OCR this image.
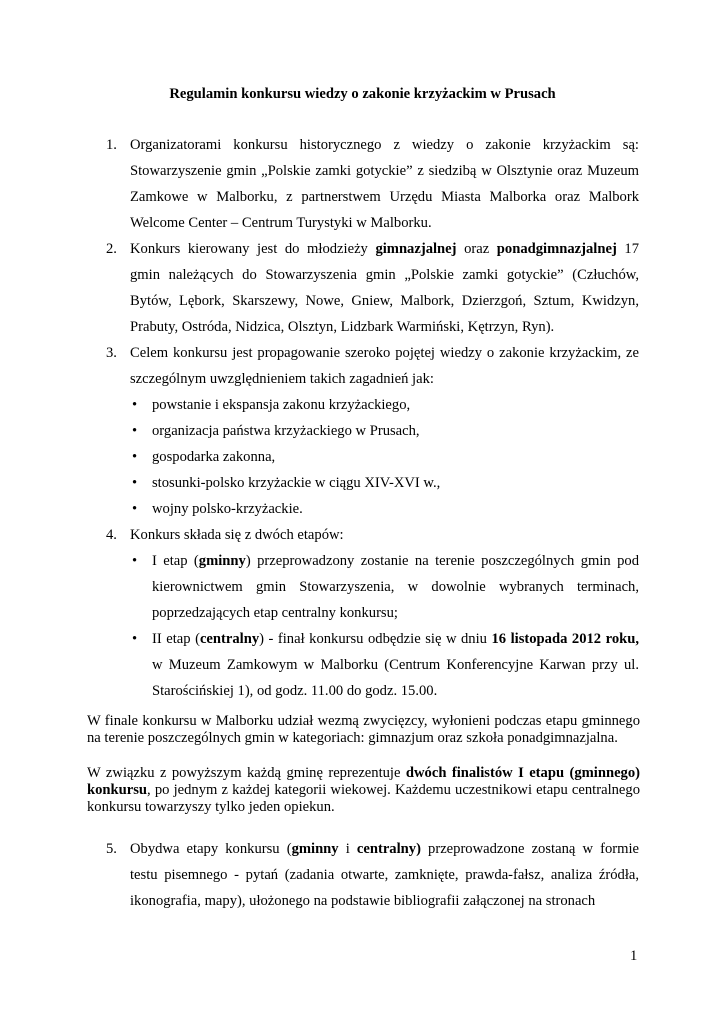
Regulamin konkursu wiedzy o zakonie krzyżackim w Prusach
1. Organizatorami konkursu historycznego z wiedzy o zakonie krzyżackim są: Stowarzyszenie gmin „Polskie zamki gotyckie” z siedzibą w Olsztynie oraz Muzeum Zamkowe w Malborku, z partnerstwem Urzędu Miasta Malborka oraz Malbork Welcome Center – Centrum Turystyki w Malborku.
2. Konkurs kierowany jest do młodzieży gimnazjalnej oraz ponadgimnazjalnej 17 gmin należących do Stowarzyszenia gmin „Polskie zamki gotyckie” (Człuchów, Bytów, Lębork, Skarszewy, Nowe, Gniew, Malbork, Dzierzgoń, Sztum, Kwidzyn, Prabuty, Ostróda, Nidzica, Olsztyn, Lidzbark Warmiński, Kętrzyn, Ryn).
3. Celem konkursu jest propagowanie szeroko pojętej wiedzy o zakonie krzyżackim, ze szczególnym uwzględnieniem takich zagadnień jak:
• powstanie i ekspansja zakonu krzyżackiego,
• organizacja państwa krzyżackiego w Prusach,
• gospodarka zakonna,
• stosunki-polsko krzyżackie w ciągu XIV-XVI w.,
• wojny polsko-krzyżackie.
4. Konkurs składa się z dwóch etapów:
• I etap (gminny) przeprowadzony zostanie na terenie poszczególnych gmin pod kierownictwem gmin Stowarzyszenia, w dowolnie wybranych terminach, poprzedzających etap centralny konkursu;
• II etap (centralny) - finał konkursu odbędzie się w dniu 16 listopada 2012 roku, w Muzeum Zamkowym w Malborku (Centrum Konferencyjne Karwan przy ul. Starościńskiej 1), od godz. 11.00 do godz. 15.00.
W finale konkursu w Malborku udział wezmą zwycięzcy, wyłonieni podczas etapu gminnego na terenie poszczególnych gmin w kategoriach: gimnazjum oraz szkoła ponadgimnazjalna.
W związku z powyższym każdą gminę reprezentuje dwóch finalistów I etapu (gminnego) konkursu, po jednym z każdej kategorii wiekowej. Każdemu uczestnikowi etapu centralnego konkursu towarzyszy tylko jeden opiekun.
5. Obydwa etapy konkursu (gminny i centralny) przeprowadzone zostaną w formie testu pisemnego - pytań (zadania otwarte, zamknięte, prawda-fałsz, analiza źródła, ikonografia, mapy), ułożonego na podstawie bibliografii załączonej na stronach
1
